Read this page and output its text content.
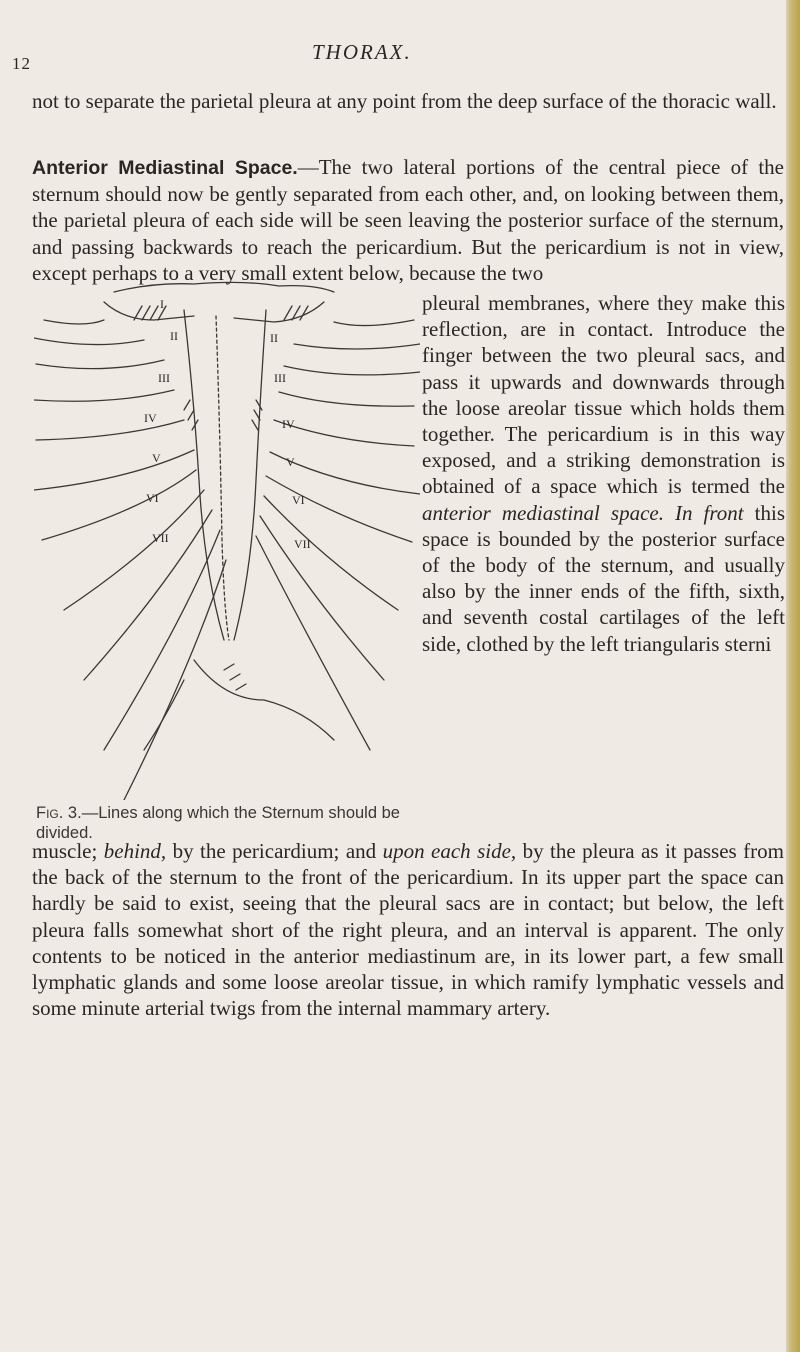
12	THORAX.
not to separate the parietal pleura at any point from the deep surface of the thoracic wall.
Anterior Mediastinal Space.—The two lateral portions of the central piece of the sternum should now be gently separated from each other, and, on looking between them, the parietal pleura of each side will be seen leaving the posterior surface of the sternum, and passing backwards to reach the pericardium. But the pericardium is not in view, except perhaps to a very small extent below, because the two
I
II	II
III	III
IV	IV
V	V
VI	VI
VII	VII
Fig. 3.—Lines along which the Sternum should be divided.
pleural membranes, where they make this reflection, are in contact. Introduce the finger between the two pleural sacs, and pass it upwards and downwards through the loose areolar tissue which holds them together. The pericardium is in this way exposed, and a striking demonstration is obtained of a space which is termed the anterior mediastinal space. In front this space is bounded by the posterior surface of the body of the sternum, and usually also by the inner ends of the fifth, sixth, and seventh costal cartilages of the left side, clothed by the left triangularis sterni
muscle; behind, by the pericardium; and upon each side, by the pleura as it passes from the back of the sternum to the front of the pericardium. In its upper part the space can hardly be said to exist, seeing that the pleural sacs are in contact; but below, the left pleura falls somewhat short of the right pleura, and an interval is apparent. The only contents to be noticed in the anterior mediastinum are, in its lower part, a few small lymphatic glands and some loose areolar tissue, in which ramify lymphatic vessels and some minute arterial twigs from the internal mammary artery.
